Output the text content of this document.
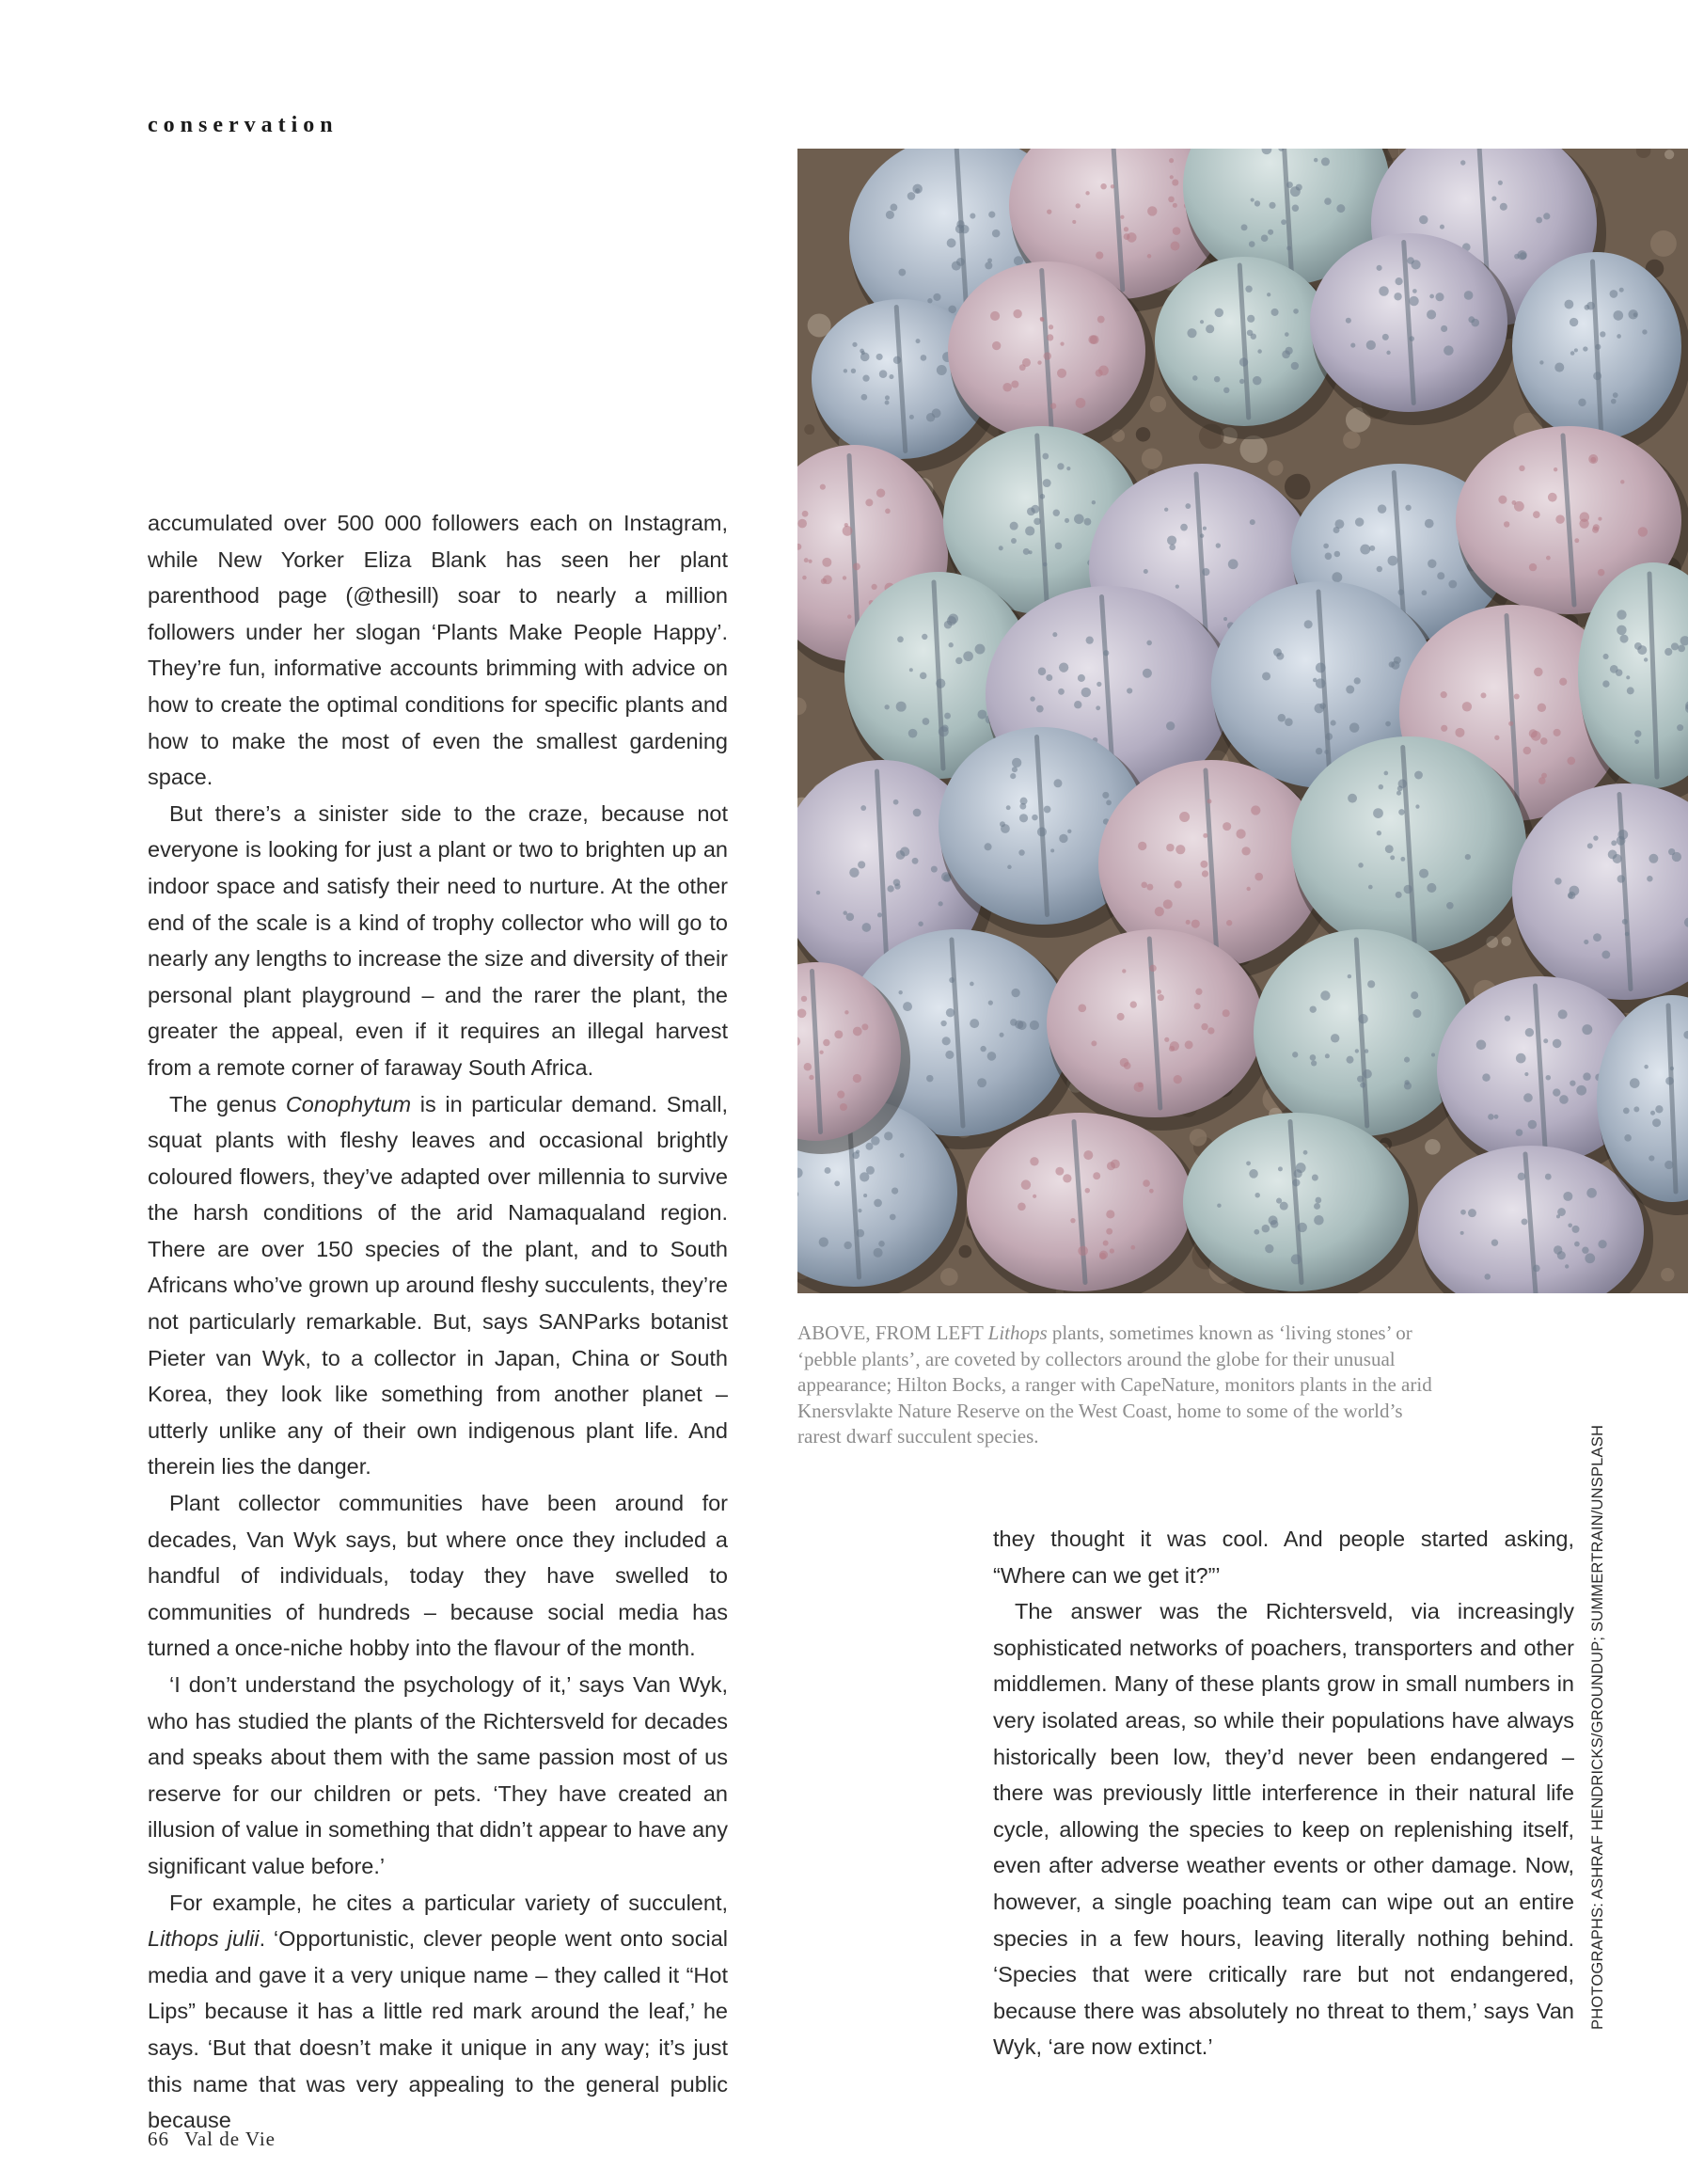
conservation

accumulated over 500 000 followers each on Instagram, while New Yorker Eliza Blank has seen her plant parenthood page (@thesill) soar to nearly a million followers under her slogan ‘Plants Make People Happy’. They’re fun, informative accounts brimming with advice on how to create the optimal conditions for specific plants and how to make the most of even the smallest gardening space.

But there’s a sinister side to the craze, because not everyone is looking for just a plant or two to brighten up an indoor space and satisfy their need to nurture. At the other end of the scale is a kind of trophy collector who will go to nearly any lengths to increase the size and diversity of their personal plant playground – and the rarer the plant, the greater the appeal, even if it requires an illegal harvest from a remote corner of faraway South Africa.

The genus Conophytum is in particular demand. Small, squat plants with fleshy leaves and occasional brightly coloured flowers, they’ve adapted over millennia to survive the harsh conditions of the arid Namaqualand region. There are over 150 species of the plant, and to South Africans who’ve grown up around fleshy succulents, they’re not particularly remarkable. But, says SANParks botanist Pieter van Wyk, to a collector in Japan, China or South Korea, they look like something from another planet – utterly unlike any of their own indigenous plant life. And therein lies the danger.

Plant collector communities have been around for decades, Van Wyk says, but where once they included a handful of individuals, today they have swelled to communities of hundreds – because social media has turned a once-niche hobby into the flavour of the month.

‘I don’t understand the psychology of it,’ says Van Wyk, who has studied the plants of the Richtersveld for decades and speaks about them with the same passion most of us reserve for our children or pets. ‘They have created an illusion of value in something that didn’t appear to have any significant value before.’

For example, he cites a particular variety of succulent, Lithops julii. ‘Opportunistic, clever people went onto social media and gave it a very unique name – they called it “Hot Lips” because it has a little red mark around the leaf,’ he says. ‘But that doesn’t make it unique in any way; it’s just this name that was very appealing to the general public because

ABOVE, FROM LEFT Lithops plants, sometimes known as ‘living stones’ or ‘pebble plants’, are coveted by collectors around the globe for their unusual appearance; Hilton Bocks, a ranger with CapeNature, monitors plants in the arid Knersvlakte Nature Reserve on the West Coast, home to some of the world’s rarest dwarf succulent species.

they thought it was cool. And people started asking, “Where can we get it?”’

The answer was the Richtersveld, via increasingly sophisticated networks of poachers, transporters and other middlemen. Many of these plants grow in small numbers in very isolated areas, so while their populations have always historically been low, they’d never been endangered – there was previously little interference in their natural life cycle, allowing the species to keep on replenishing itself, even after adverse weather events or other damage. Now, however, a single poaching team can wipe out an entire species in a few hours, leaving literally nothing behind. ‘Species that were critically rare but not endangered, because there was absolutely no threat to them,’ says Van Wyk, ‘are now extinct.’

PHOTOGRAPHS: ASHRAF HENDRICKS/GROUNDUP; SUMMERTRAIN/UNSPLASH
66 Val de Vie
